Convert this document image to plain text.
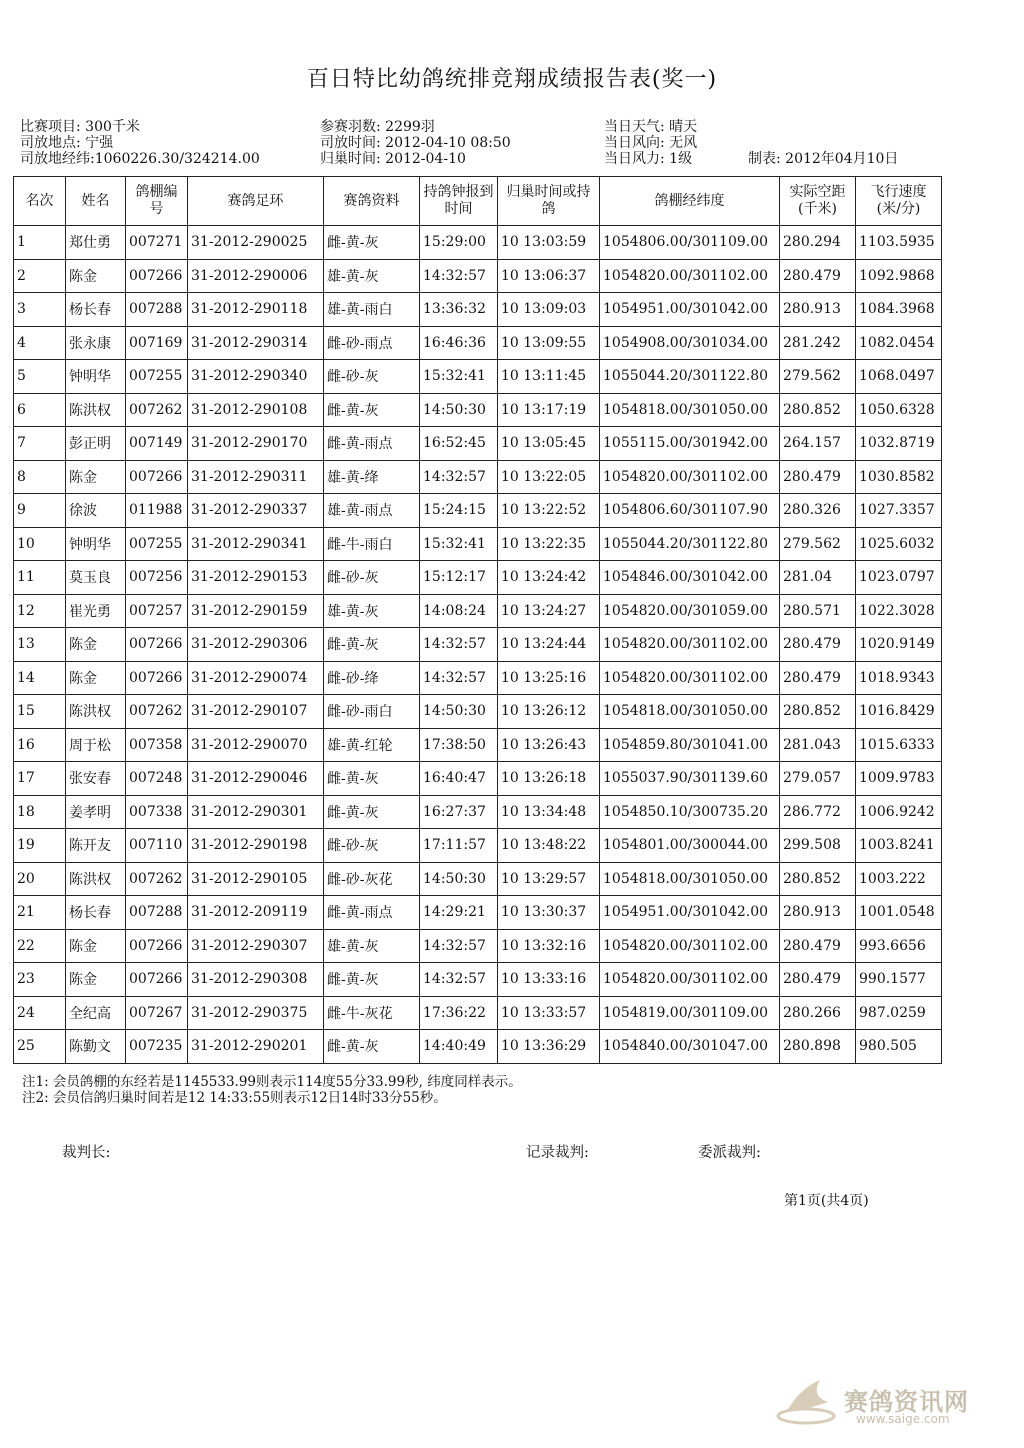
百日特比幼鸽统排竞翔成绩报告表(奖一)
比赛项目: 300千米
司放地点: 宁强
司放地经纬:1060226.30/324214.00
参赛羽数: 2299羽
司放时间: 2012-04-10 08:50
归巢时间: 2012-04-10
当日天气: 晴天
当日风向: 无风
当日风力: 1级	制表: 2012年04月10日
名次	姓名	鸽棚编号	赛鸽足环	赛鸽资料	持鸽钟报到时间	归巢时间或持鸽	鸽棚经纬度	实际空距(千米)	飞行速度(米/分)
1	郑仕勇	007271	31-2012-290025	雌-黄-灰	15:29:00	10 13:03:59	1054806.00/301109.00	280.294	1103.5935
2	陈金	007266	31-2012-290006	雄-黄-灰	14:32:57	10 13:06:37	1054820.00/301102.00	280.479	1092.9868
3	杨长春	007288	31-2012-290118	雄-黄-雨白	13:36:32	10 13:09:03	1054951.00/301042.00	280.913	1084.3968
4	张永康	007169	31-2012-290314	雌-砂-雨点	16:46:36	10 13:09:55	1054908.00/301034.00	281.242	1082.0454
5	钟明华	007255	31-2012-290340	雌-砂-灰	15:32:41	10 13:11:45	1055044.20/301122.80	279.562	1068.0497
6	陈洪权	007262	31-2012-290108	雌-黄-灰	14:50:30	10 13:17:19	1054818.00/301050.00	280.852	1050.6328
7	彭正明	007149	31-2012-290170	雌-黄-雨点	16:52:45	10 13:05:45	1055115.00/301942.00	264.157	1032.8719
8	陈金	007266	31-2012-290311	雄-黄-绛	14:32:57	10 13:22:05	1054820.00/301102.00	280.479	1030.8582
9	徐波	011988	31-2012-290337	雄-黄-雨点	15:24:15	10 13:22:52	1054806.60/301107.90	280.326	1027.3357
10	钟明华	007255	31-2012-290341	雌-牛-雨白	15:32:41	10 13:22:35	1055044.20/301122.80	279.562	1025.6032
11	莫玉良	007256	31-2012-290153	雌-砂-灰	15:12:17	10 13:24:42	1054846.00/301042.00	281.04	1023.0797
12	崔光勇	007257	31-2012-290159	雄-黄-灰	14:08:24	10 13:24:27	1054820.00/301059.00	280.571	1022.3028
13	陈金	007266	31-2012-290306	雌-黄-灰	14:32:57	10 13:24:44	1054820.00/301102.00	280.479	1020.9149
14	陈金	007266	31-2012-290074	雌-砂-绛	14:32:57	10 13:25:16	1054820.00/301102.00	280.479	1018.9343
15	陈洪权	007262	31-2012-290107	雌-砂-雨白	14:50:30	10 13:26:12	1054818.00/301050.00	280.852	1016.8429
16	周于松	007358	31-2012-290070	雄-黄-红轮	17:38:50	10 13:26:43	1054859.80/301041.00	281.043	1015.6333
17	张安春	007248	31-2012-290046	雌-黄-灰	16:40:47	10 13:26:18	1055037.90/301139.60	279.057	1009.9783
18	姜孝明	007338	31-2012-290301	雌-黄-灰	16:27:37	10 13:34:48	1054850.10/300735.20	286.772	1006.9242
19	陈开友	007110	31-2012-290198	雌-砂-灰	17:11:57	10 13:48:22	1054801.00/300044.00	299.508	1003.8241
20	陈洪权	007262	31-2012-290105	雌-砂-灰花	14:50:30	10 13:29:57	1054818.00/301050.00	280.852	1003.222
21	杨长春	007288	31-2012-209119	雌-黄-雨点	14:29:21	10 13:30:37	1054951.00/301042.00	280.913	1001.0548
22	陈金	007266	31-2012-290307	雄-黄-灰	14:32:57	10 13:32:16	1054820.00/301102.00	280.479	993.6656
23	陈金	007266	31-2012-290308	雌-黄-灰	14:32:57	10 13:33:16	1054820.00/301102.00	280.479	990.1577
24	全纪高	007267	31-2012-290375	雌-牛-灰花	17:36:22	10 13:33:57	1054819.00/301109.00	280.266	987.0259
25	陈勤文	007235	31-2012-290201	雌-黄-灰	14:40:49	10 13:36:29	1054840.00/301047.00	280.898	980.505
注1: 会员鸽棚的东经若是1145533.99则表示114度55分33.99秒, 纬度同样表示。
注2: 会员信鸽归巢时间若是12 14:33:55则表示12日14时33分55秒。
裁判长:	记录裁判:	委派裁判:
第1页(共4页)
赛鸽资讯网
www.saige.com
